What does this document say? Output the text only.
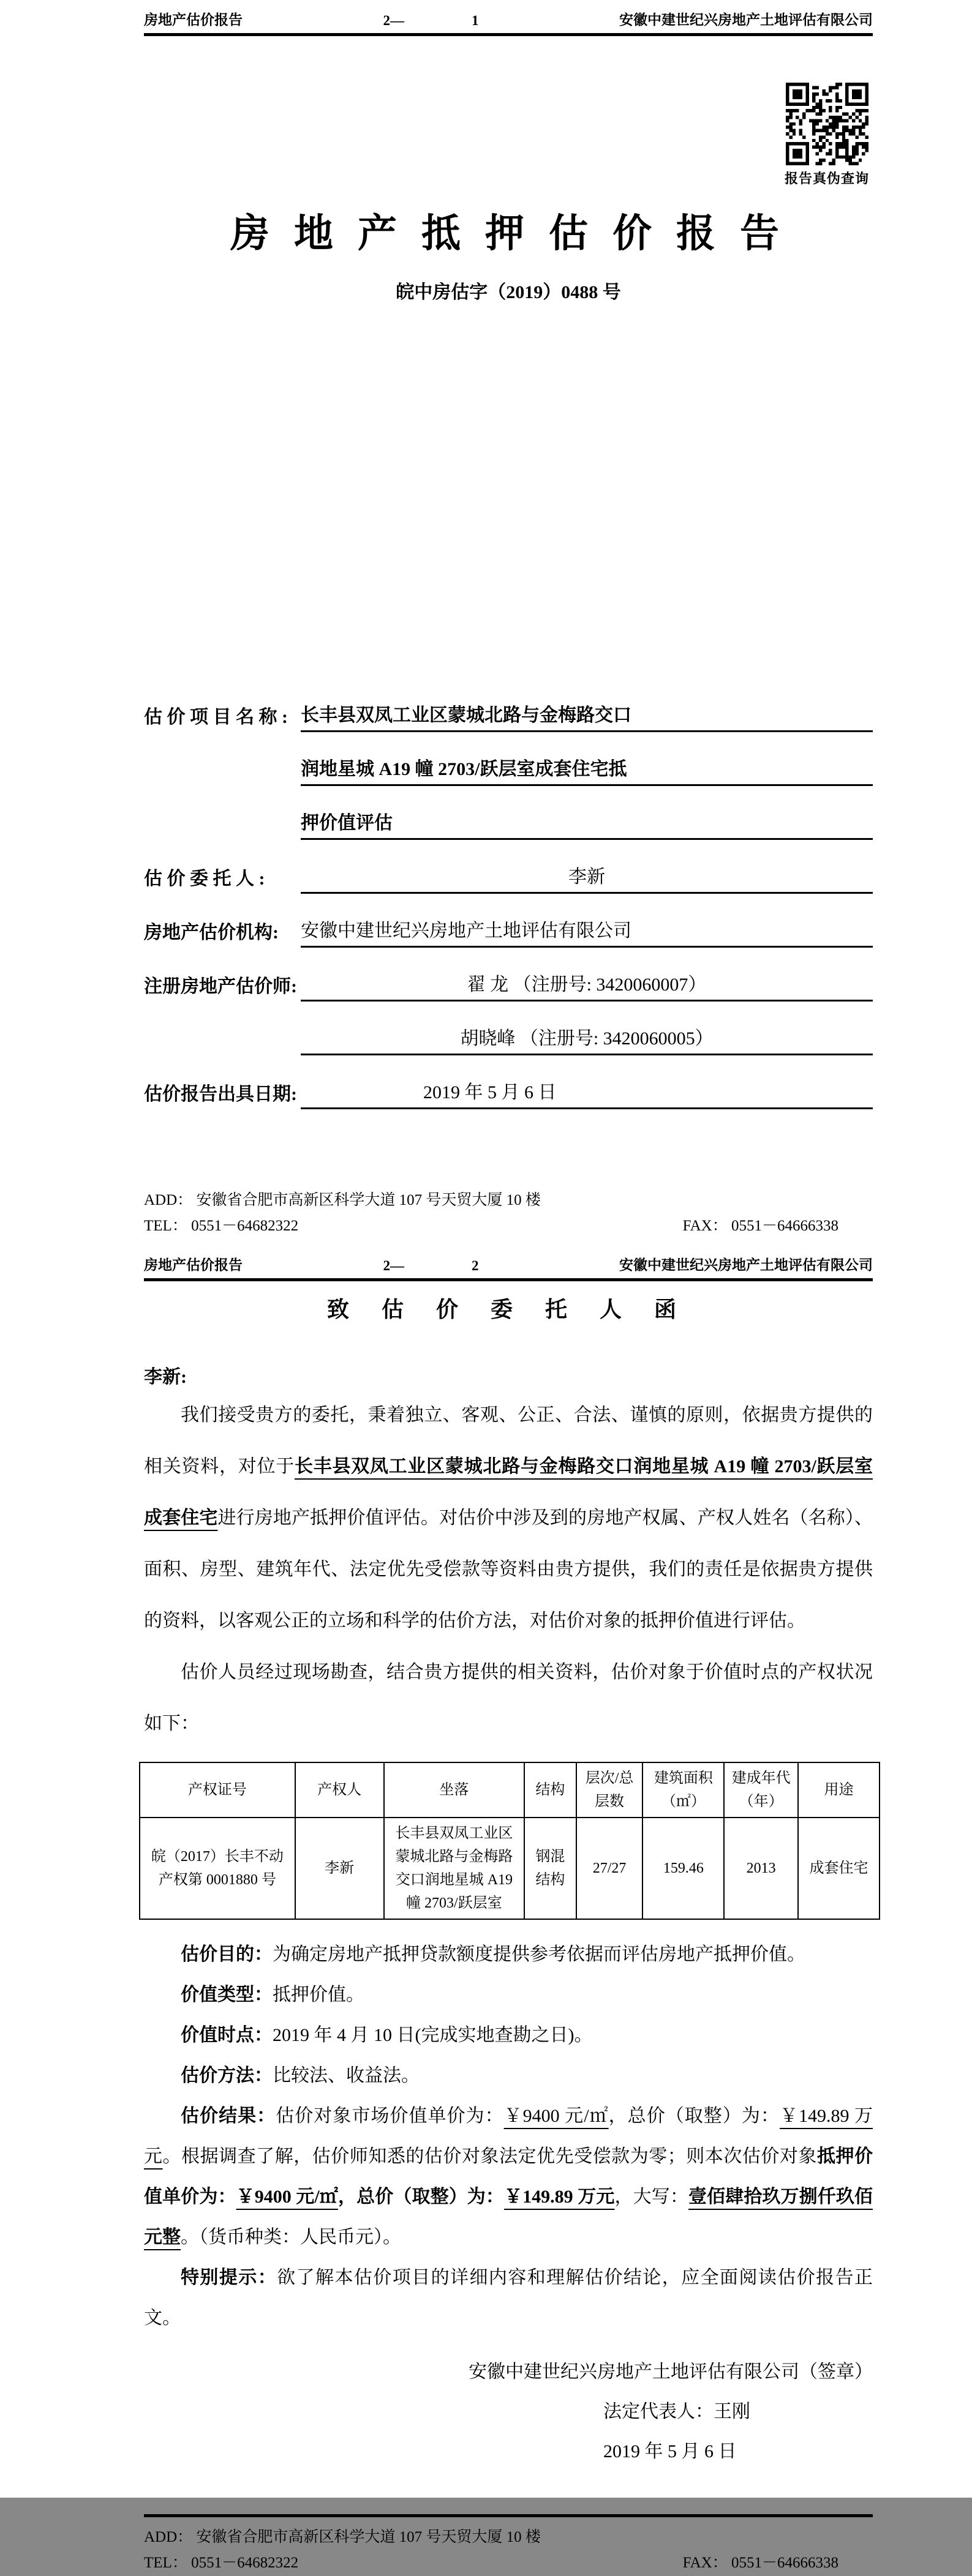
房地产估价报告	2—	1	安徽中建世纪兴房地产土地评估有限公司
报告真伪查询
房 地 产 抵 押 估 价 报 告
皖中房估字（2019）0488 号
估 价 项 目 名 称 : 长丰县双凤工业区蒙城北路与金梅路交口
润地星城 A19 幢 2703/跃层室成套住宅抵
押价值评估
估 价 委 托 人 :	李新
房地产估价机构:	安徽中建世纪兴房地产土地评估有限公司
注册房地产估价师:	翟 龙 （注册号: 3420060007）
胡晓峰 （注册号: 3420060005）
估价报告出具日期:	2019 年 5 月 6 日
ADD： 安徽省合肥市高新区科学大道 107 号天贸大厦 10 楼
TEL： 0551－64682322	FAX： 0551－64666338
房地产估价报告	2—	2	安徽中建世纪兴房地产土地评估有限公司
致 估 价 委 托 人 函
李新:

我们接受贵方的委托，秉着独立、客观、公正、合法、谨慎的原则，依据贵方提供的相关资料，对位于长丰县双凤工业区蒙城北路与金梅路交口润地星城 A19 幢 2703/跃层室成套住宅进行房地产抵押价值评估。对估价中涉及到的房地产权属、产权人姓名（名称）、面积、房型、建筑年代、法定优先受偿款等资料由贵方提供，我们的责任是依据贵方提供的资料，以客观公正的立场和科学的估价方法，对估价对象的抵押价值进行评估。

估价人员经过现场勘查，结合贵方提供的相关资料，估价对象于价值时点的产权状况如下：

产权证号	产权人	坐落	结构	层次/总层数	建筑面积（㎡）	建成年代（年）	用途
皖（2017）长丰不动产权第 0001880 号	李新	长丰县双凤工业区蒙城北路与金梅路交口润地星城 A19 幢 2703/跃层室	钢混结构	27/27	159.46	2013	成套住宅

估价目的：为确定房地产抵押贷款额度提供参考依据而评估房地产抵押价值。

价值类型：抵押价值。

价值时点：2019 年 4 月 10 日(完成实地查勘之日)。

估价方法：比较法、收益法。

估价结果：估价对象市场价值单价为：￥9400 元/㎡，总价（取整）为：￥149.89 万元。根据调查了解，估价师知悉的估价对象法定优先受偿款为零；则本次估价对象抵押价值单价为：￥9400 元/㎡，总价（取整）为：￥149.89 万元，大写：壹佰肆拾玖万捌仟玖佰元整。（货币种类：人民币元）。

特别提示：欲了解本估价项目的详细内容和理解估价结论，应全面阅读估价报告正文。

安徽中建世纪兴房地产土地评估有限公司（签章）
法定代表人：王刚
2019 年 5 月 6 日
ADD： 安徽省合肥市高新区科学大道 107 号天贸大厦 10 楼
TEL： 0551－64682322	FAX： 0551－64666338
